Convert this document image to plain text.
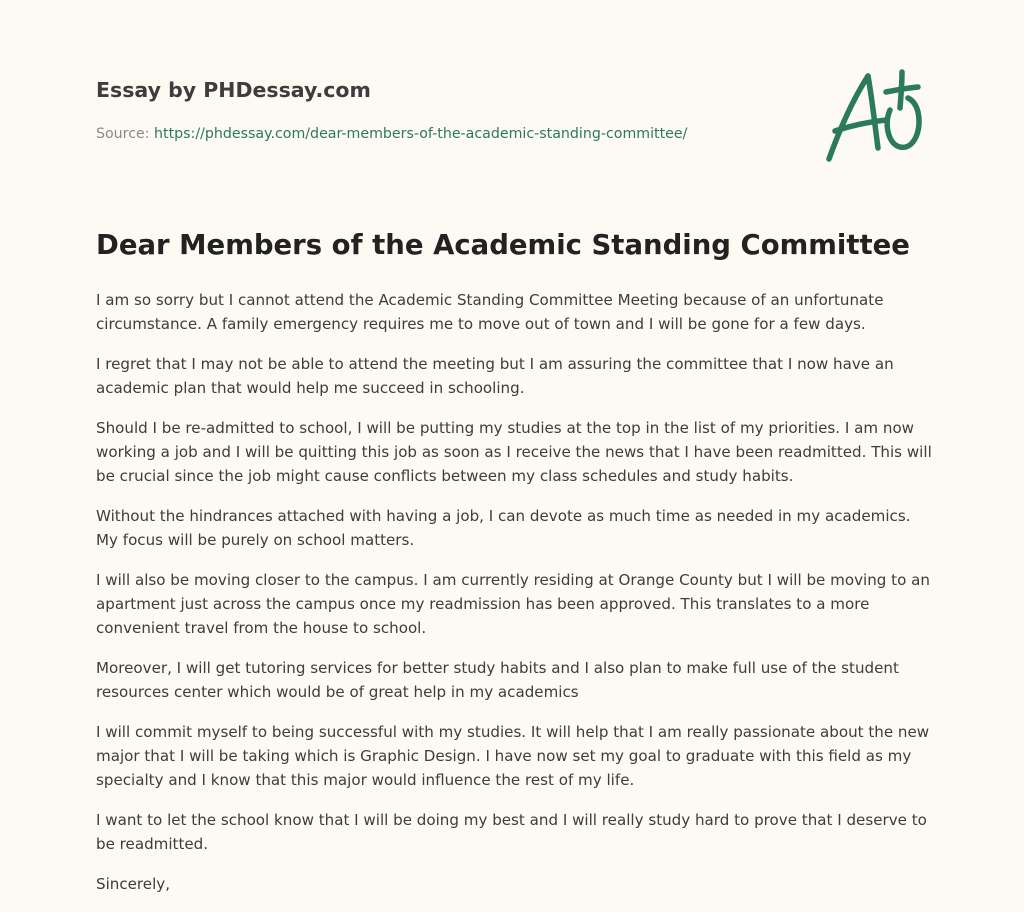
Essay by PHDessay.com
Source: https://phdessay.com/dear-members-of-the-academic-standing-committee/
Dear Members of the Academic Standing Committee

I am so sorry but I cannot attend the Academic Standing Committee Meeting because of an unfortunate circumstance. A family emergency requires me to move out of town and I will be gone for a few days.

I regret that I may not be able to attend the meeting but I am assuring the committee that I now have an academic plan that would help me succeed in schooling.

Should I be re-admitted to school, I will be putting my studies at the top in the list of my priorities. I am now working a job and I will be quitting this job as soon as I receive the news that I have been readmitted. This will be crucial since the job might cause conflicts between my class schedules and study habits.

Without the hindrances attached with having a job, I can devote as much time as needed in my academics. My focus will be purely on school matters.

I will also be moving closer to the campus. I am currently residing at Orange County but I will be moving to an apartment just across the campus once my readmission has been approved. This translates to a more convenient travel from the house to school.

Moreover, I will get tutoring services for better study habits and I also plan to make full use of the student resources center which would be of great help in my academics

I will commit myself to being successful with my studies. It will help that I am really passionate about the new major that I will be taking which is Graphic Design. I have now set my goal to graduate with this field as my specialty and I know that this major would influence the rest of my life.

I want to let the school know that I will be doing my best and I will really study hard to prove that I deserve to be readmitted.

Sincerely,
